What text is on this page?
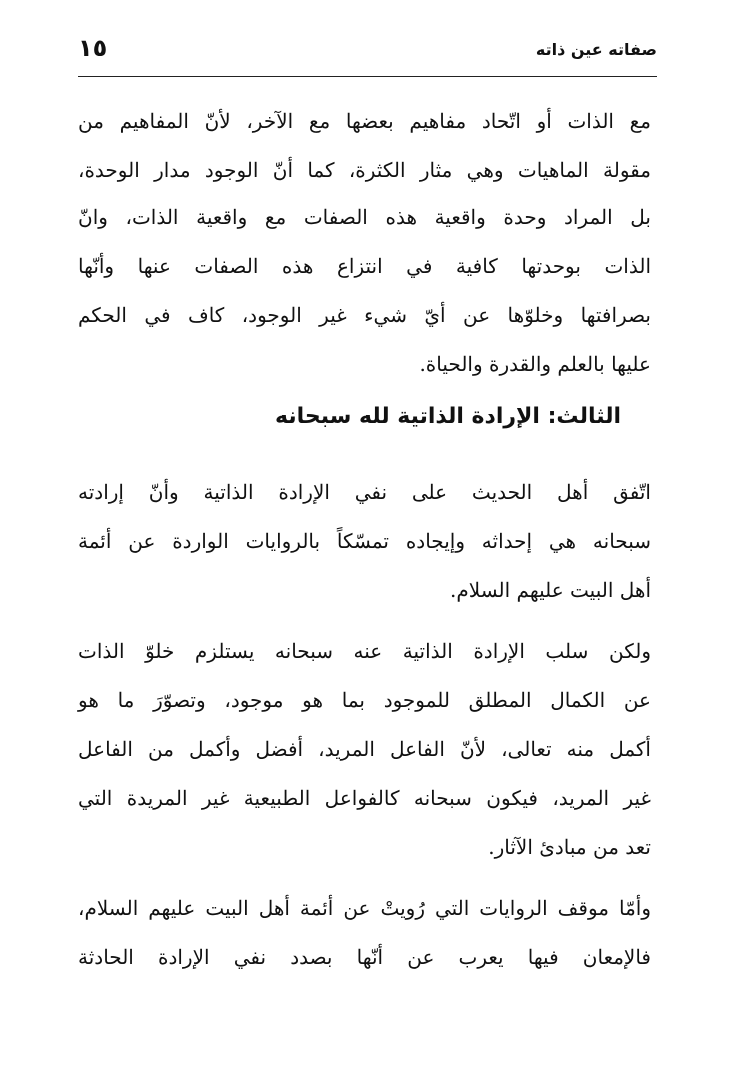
١٥	صفاته عين ذاته
مع الذات أو اتّحاد مفاهيم بعضها مع الآخر، لأنّ المفاهيم من
مقولة الماهيات وهي مثار الكثرة، كما أنّ الوجود مدار الوحدة،
بل المراد وحدة واقعية هذه الصفات مع واقعية الذات، وانّ
الذات بوحدتها كافية في انتزاع هذه الصفات عنها وأنّها
بصرافتها وخلوّها عن أيّ شيء غير الوجود، كاف في الحكم
عليها بالعلم والقدرة والحياة.
الثالث: الإرادة الذاتية لله سبحانه
اتّفق أهل الحديث على نفي الإرادة الذاتية وأنّ إرادته
سبحانه هي إحداثه وإيجاده تمسّكاً بالروايات الواردة عن أئمة
أهل البيت عليهم السلام.
ولكن سلب الإرادة الذاتية عنه سبحانه يستلزم خلوّ الذات
عن الكمال المطلق للموجود بما هو موجود، وتصوّرَ ما هو
أكمل منه تعالى، لأنّ الفاعل المريد، أفضل وأكمل من الفاعل
غير المريد، فيكون سبحانه كالفواعل الطبيعية غير المريدة التي
تعد من مبادئ الآثار.
وأمّا موقف الروايات التي رُويتْ عن أئمة أهل البيت عليهم السلام،
فالإمعان فيها يعرب عن أنّها بصدد نفي الإرادة الحادثة
